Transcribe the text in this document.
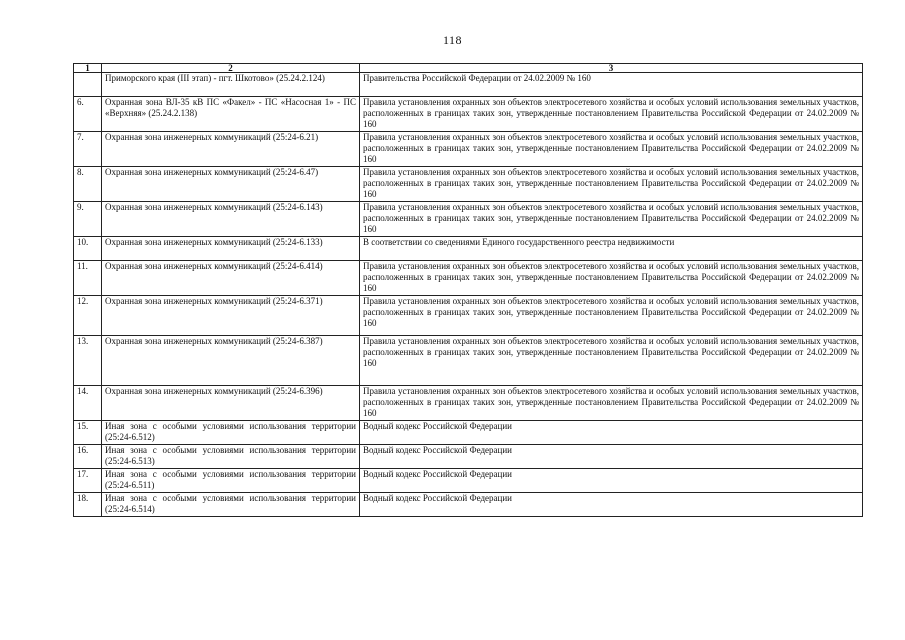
118
1	2	3
	Приморского края (III этап) - пгт. Шкотово» (25.24.2.124)	Правительства Российской Федерации от 24.02.2009 № 160
6.	Охранная зона ВЛ-35 кВ ПС «Факел» - ПС «Насосная 1» - ПС «Верхняя» (25.24.2.138)	Правила установления охранных зон объектов электросетевого хозяйства и особых условий использования земельных участков, расположенных в границах таких зон, утвержденные постановлением Правительства Российской Федерации от 24.02.2009 № 160
7.	Охранная зона инженерных коммуникаций (25:24-6.21)	Правила установления охранных зон объектов электросетевого хозяйства и особых условий использования земельных участков, расположенных в границах таких зон, утвержденные постановлением Правительства Российской Федерации от 24.02.2009 № 160
8.	Охранная зона инженерных коммуникаций (25:24-6.47)	Правила установления охранных зон объектов электросетевого хозяйства и особых условий использования земельных участков, расположенных в границах таких зон, утвержденные постановлением Правительства Российской Федерации от 24.02.2009 № 160
9.	Охранная зона инженерных коммуникаций (25:24-6.143)	Правила установления охранных зон объектов электросетевого хозяйства и особых условий использования земельных участков, расположенных в границах таких зон, утвержденные постановлением Правительства Российской Федерации от 24.02.2009 № 160
10.	Охранная зона инженерных коммуникаций (25:24-6.133)	В соответствии со сведениями Единого государственного реестра недвижимости
11.	Охранная зона инженерных коммуникаций (25:24-6.414)	Правила установления охранных зон объектов электросетевого хозяйства и особых условий использования земельных участков, расположенных в границах таких зон, утвержденные постановлением Правительства Российской Федерации от 24.02.2009 № 160
12.	Охранная зона инженерных коммуникаций (25:24-6.371)	Правила установления охранных зон объектов электросетевого хозяйства и особых условий использования земельных участков, расположенных в границах таких зон, утвержденные постановлением Правительства Российской Федерации от 24.02.2009 № 160
13.	Охранная зона инженерных коммуникаций (25:24-6.387)	Правила установления охранных зон объектов электросетевого хозяйства и особых условий использования земельных участков, расположенных в границах таких зон, утвержденные постановлением Правительства Российской Федерации от 24.02.2009 № 160
14.	Охранная зона инженерных коммуникаций (25:24-6.396)	Правила установления охранных зон объектов электросетевого хозяйства и особых условий использования земельных участков, расположенных в границах таких зон, утвержденные постановлением Правительства Российской Федерации от 24.02.2009 № 160
15.	Иная зона с особыми условиями использования территории (25:24-6.512)	Водный кодекс Российской Федерации
16.	Иная зона с особыми условиями использования территории (25:24-6.513)	Водный кодекс Российской Федерации
17.	Иная зона с особыми условиями использования территории (25:24-6.511)	Водный кодекс Российской Федерации
18.	Иная зона с особыми условиями использования территории (25:24-6.514)	Водный кодекс Российской Федерации
